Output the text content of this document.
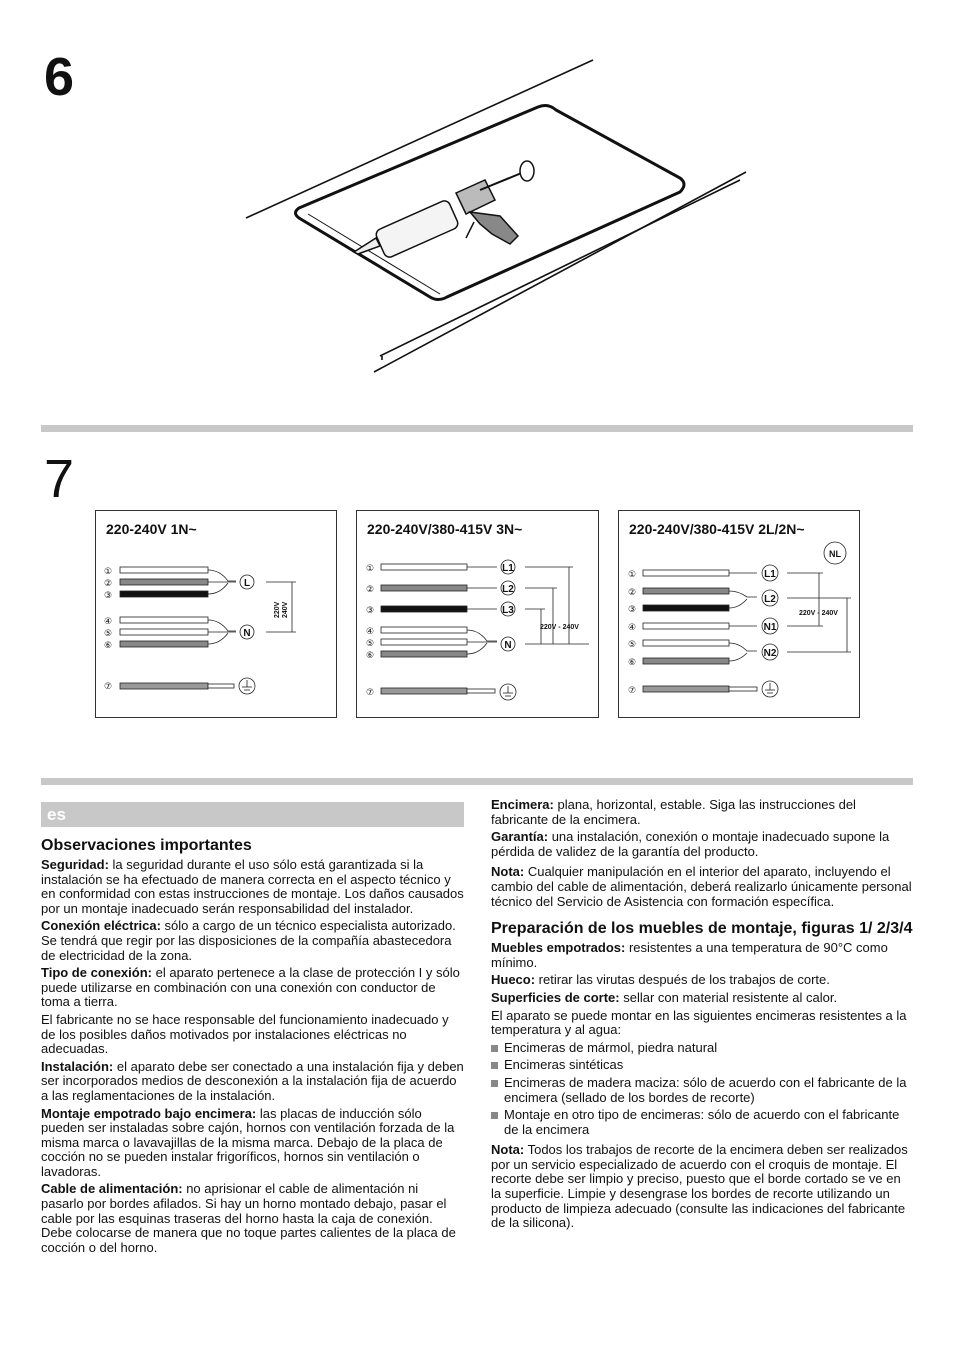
6
7
①
②
③
④
⑤
⑥
⑦
L
N
220V 240V
220-240V 1N~
①
②
③
④
⑤
⑥
⑦
L1
L2
L3
N
220V - 240V
220-240V/380-415V 3N~
①
②
③
④
⑤
⑥
⑦
NL
L1
L2
N1
N2
220V - 240V
220-240V/380-415V 2L/2N~
es
Observaciones importantes

Seguridad: la seguridad durante el uso sólo está garantizada si la instalación se ha efectuado de manera correcta en el aspecto técnico y en conformidad con estas instrucciones de montaje. Los daños causados por un montaje inadecuado serán responsabilidad del instalador.

Conexión eléctrica: sólo a cargo de un técnico especialista autorizado. Se tendrá que regir por las disposiciones de la compañía abastecedora de electricidad de la zona.

Tipo de conexión: el aparato pertenece a la clase de protección I y sólo puede utilizarse en combinación con una conexión con conductor de toma a tierra.

El fabricante no se hace responsable del funcionamiento inadecuado y de los posibles daños motivados por instalaciones eléctricas no adecuadas.

Instalación: el aparato debe ser conectado a una instalación fija y deben ser incorporados medios de desconexión a la instalación fija de acuerdo a las reglamentaciones de la instalación.

Montaje empotrado bajo encimera: las placas de inducción sólo pueden ser instaladas sobre cajón, hornos con ventilación forzada de la misma marca o lavavajillas de la misma marca. Debajo de la placa de cocción no se pueden instalar frigoríficos, hornos sin ventilación o lavadoras.

Cable de alimentación: no aprisionar el cable de alimentación ni pasarlo por bordes afilados. Si hay un horno montado debajo, pasar el cable por las esquinas traseras del horno hasta la caja de conexión. Debe colocarse de manera que no toque partes calientes de la placa de cocción o del horno.

Encimera: plana, horizontal, estable. Siga las instrucciones del fabricante de la encimera.

Garantía: una instalación, conexión o montaje inadecuado supone la pérdida de validez de la garantía del producto.

Nota: Cualquier manipulación en el interior del aparato, incluyendo el cambio del cable de alimentación, deberá realizarlo únicamente personal técnico del Servicio de Asistencia con formación específica.

Preparación de los muebles de montaje, figuras 1/ 2/3/4

Muebles empotrados: resistentes a una temperatura de 90°C como mínimo.

Hueco: retirar las virutas después de los trabajos de corte.

Superficies de corte: sellar con material resistente al calor.

El aparato se puede montar en las siguientes encimeras resistentes a la temperatura y al agua:

Encimeras de mármol, piedra natural
Encimeras sintéticas
Encimeras de madera maciza: sólo de acuerdo con el fabricante de la encimera (sellado de los bordes de recorte)
Montaje en otro tipo de encimeras: sólo de acuerdo con el fabricante de la encimera

Nota: Todos los trabajos de recorte de la encimera deben ser realizados por un servicio especializado de acuerdo con el croquis de montaje. El recorte debe ser limpio y preciso, puesto que el borde cortado se ve en la superficie. Limpie y desengrase los bordes de recorte utilizando un producto de limpieza adecuado (consulte las indicaciones del fabricante de la silicona).
